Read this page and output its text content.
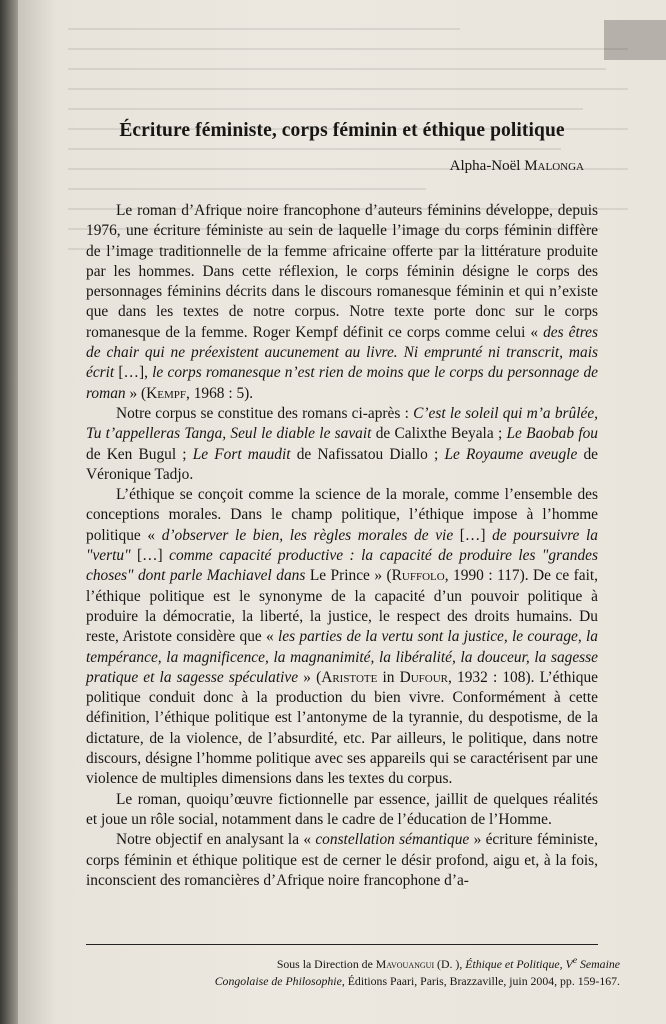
Écriture féministe, corps féminin et éthique politique
Alpha-Noël Malonga

Le roman d’Afrique noire francophone d’auteurs féminins développe, depuis 1976, une écriture féministe au sein de laquelle l’image du corps féminin diffère de l’image traditionnelle de la femme africaine offerte par la littérature produite par les hommes. Dans cette réflexion, le corps féminin désigne le corps des personnages féminins décrits dans le discours romanesque féminin et qui n’existe que dans les textes de notre corpus. Notre texte porte donc sur le corps romanesque de la femme. Roger Kempf définit ce corps comme celui « des êtres de chair qui ne préexistent aucunement au livre. Ni emprunté ni transcrit, mais écrit […], le corps romanesque n’est rien de moins que le corps du personnage de roman » (Kempf, 1968 : 5).

Notre corpus se constitue des romans ci-après : C’est le soleil qui m’a brûlée, Tu t’appelleras Tanga, Seul le diable le savait de Calixthe Beyala ; Le Baobab fou de Ken Bugul ; Le Fort maudit de Nafissatou Diallo ; Le Royaume aveugle de Véronique Tadjo.

L’éthique se conçoit comme la science de la morale, comme l’ensemble des conceptions morales. Dans le champ politique, l’éthique impose à l’homme politique « d’observer le bien, les règles morales de vie […] de poursuivre la "vertu" […] comme capacité productive : la capacité de produire les "grandes choses" dont parle Machiavel dans Le Prince » (Ruffolo, 1990 : 117). De ce fait, l’éthique politique est le synonyme de la capacité d’un pouvoir politique à produire la démocratie, la liberté, la justice, le respect des droits humains. Du reste, Aristote considère que « les parties de la vertu sont la justice, le courage, la tempérance, la magnificence, la magnanimité, la libéralité, la douceur, la sagesse pratique et la sagesse spéculative » (Aristote in Dufour, 1932 : 108). L’éthique politique conduit donc à la production du bien vivre. Conformément à cette définition, l’éthique politique est l’antonyme de la tyrannie, du despotisme, de la dictature, de la violence, de l’absurdité, etc. Par ailleurs, le politique, dans notre discours, désigne l’homme politique avec ses appareils qui se caractérisent par une violence de multiples dimensions dans les textes du corpus.

Le roman, quoiqu’œuvre fictionnelle par essence, jaillit de quelques réalités et joue un rôle social, notamment dans le cadre de l’éducation de l’Homme.

Notre objectif en analysant la « constellation sémantique » écriture féministe, corps féminin et éthique politique est de cerner le désir profond, aigu et, à la fois, inconscient des romancières d’Afrique noire francophone d’a-

Sous la Direction de Mavouangui (D. ), Éthique et Politique, Ve Semaine
Congolaise de Philosophie, Éditions Paari, Paris, Brazzaville, juin 2004, pp. 159-167.
